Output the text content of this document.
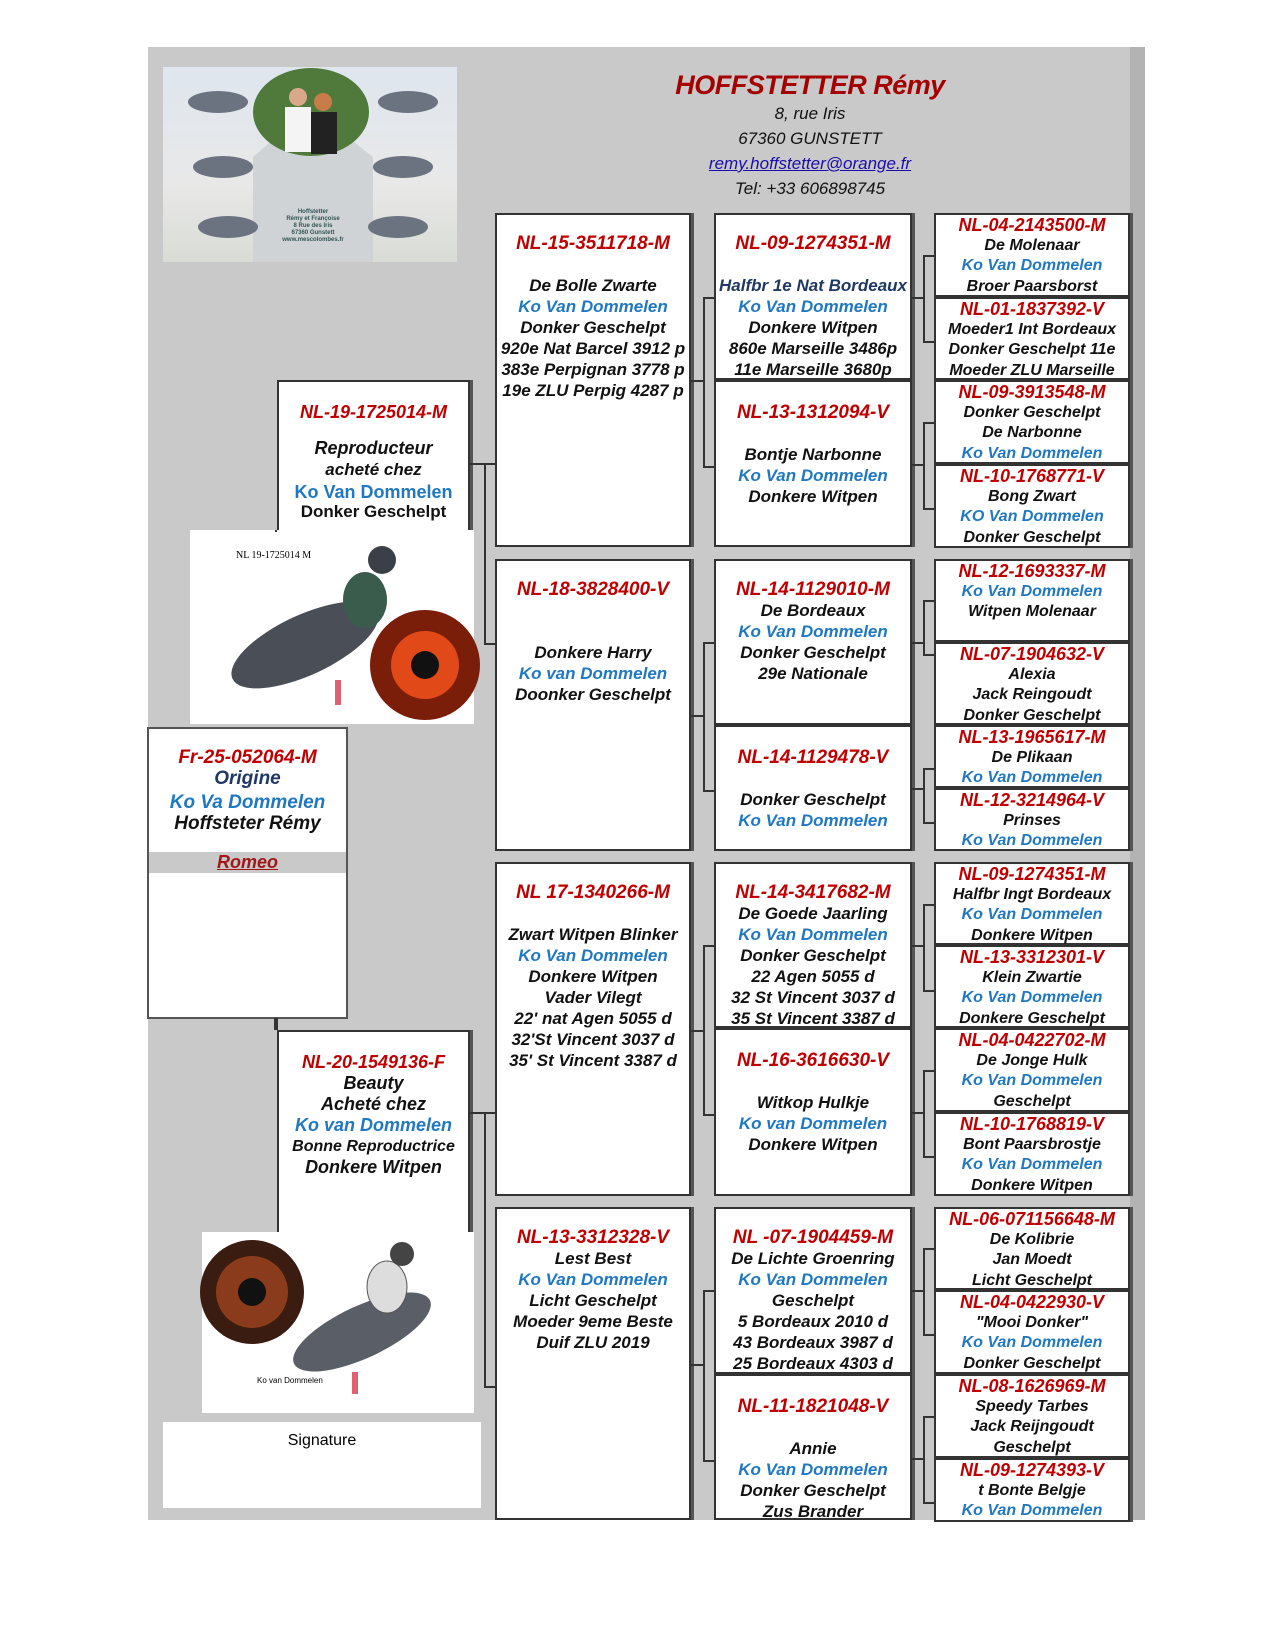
Hoffstetter
Rémy et Françoise
8 Rue des Iris
67360 Gunstett
www.mescolombes.fr
HOFFSTETTER Rémy
8, rue Iris
67360 GUNSTETT
remy.hoffstetter@orange.fr
Tel: +33 606898745
Fr-25-052064-M
Origine
Ko Va Dommelen
Hoffsteter Rémy
Romeo
NL-19-1725014-M
Reproducteur
acheté chez
Ko Van Dommelen
Donker Geschelpt
NL 19-1725014 M
NL-20-1549136-F
Beauty
Acheté chez
Ko van Dommelen
Bonne Reproductrice
Donkere Witpen
Ko van Dommelen
Signature
NL-15-3511718-M

De Bolle Zwarte
Ko Van Dommelen
Donker Geschelpt
920e Nat Barcel 3912 p
383e Perpignan 3778 p
19e ZLU Perpig 4287 p
NL-18-3828400-V

Donkere Harry
Ko van Dommelen
Doonker Geschelpt
NL 17-1340266-M

Zwart Witpen Blinker
Ko Van Dommelen
Donkere Witpen
Vader Vilegt
22' nat Agen 5055 d
32'St Vincent 3037 d
35' St Vincent 3387 d
NL-13-3312328-V
Lest Best
Ko Van Dommelen
Licht Geschelpt
Moeder 9eme Beste
Duif ZLU 2019
NL-09-1274351-M

Halfbr 1e Nat Bordeaux
Ko Van Dommelen
Donkere Witpen
860e Marseille 3486p
11e Marseille 3680p
NL-13-1312094-V

Bontje Narbonne
Ko Van Dommelen
Donkere Witpen
NL-14-1129010-M
De Bordeaux
Ko Van Dommelen
Donker Geschelpt
29e Nationale
NL-14-1129478-V

Donker Geschelpt
Ko Van Dommelen
NL-14-3417682-M
De Goede Jaarling
Ko Van Dommelen
Donker Geschelpt
22 Agen 5055 d
32 St Vincent 3037 d
35 St Vincent 3387 d
NL-16-3616630-V

Witkop Hulkje
Ko van Dommelen
Donkere Witpen
NL -07-1904459-M
De Lichte Groenring
Ko Van Dommelen
Geschelpt
5 Bordeaux 2010 d
43 Bordeaux 3987 d
25 Bordeaux 4303 d
NL-11-1821048-V

Annie
Ko Van Dommelen
Donker Geschelpt
Zus Brander
NL-04-2143500-M
De Molenaar
Ko Van Dommelen
Broer Paarsborst
NL-01-1837392-V
Moeder1 Int Bordeaux
Donker Geschelpt 11e
Moeder ZLU Marseille
NL-09-3913548-M
Donker Geschelpt
De Narbonne
Ko Van Dommelen
NL-10-1768771-V
Bong Zwart
KO Van Dommelen
Donker Geschelpt
NL-12-1693337-M
Ko Van Dommelen
Witpen Molenaar
NL-07-1904632-V
Alexia
Jack Reingoudt
Donker Geschelpt
NL-13-1965617-M
De Plikaan
Ko Van Dommelen
NL-12-3214964-V
Prinses
Ko Van Dommelen
NL-09-1274351-M
Halfbr Ingt Bordeaux
Ko Van Dommelen
Donkere Witpen
NL-13-3312301-V
Klein Zwartie
Ko Van Dommelen
Donkere Geschelpt
NL-04-0422702-M
De Jonge Hulk
Ko Van Dommelen
Geschelpt
NL-10-1768819-V
Bont Paarsbrostje
Ko Van Dommelen
Donkere Witpen
NL-06-071156648-M
De Kolibrie
Jan Moedt
Licht Geschelpt
NL-04-0422930-V
"Mooi Donker"
Ko Van Dommelen
Donker Geschelpt
NL-08-1626969-M
Speedy Tarbes
Jack Reijngoudt
Geschelpt
NL-09-1274393-V
t Bonte Belgje
Ko Van Dommelen
